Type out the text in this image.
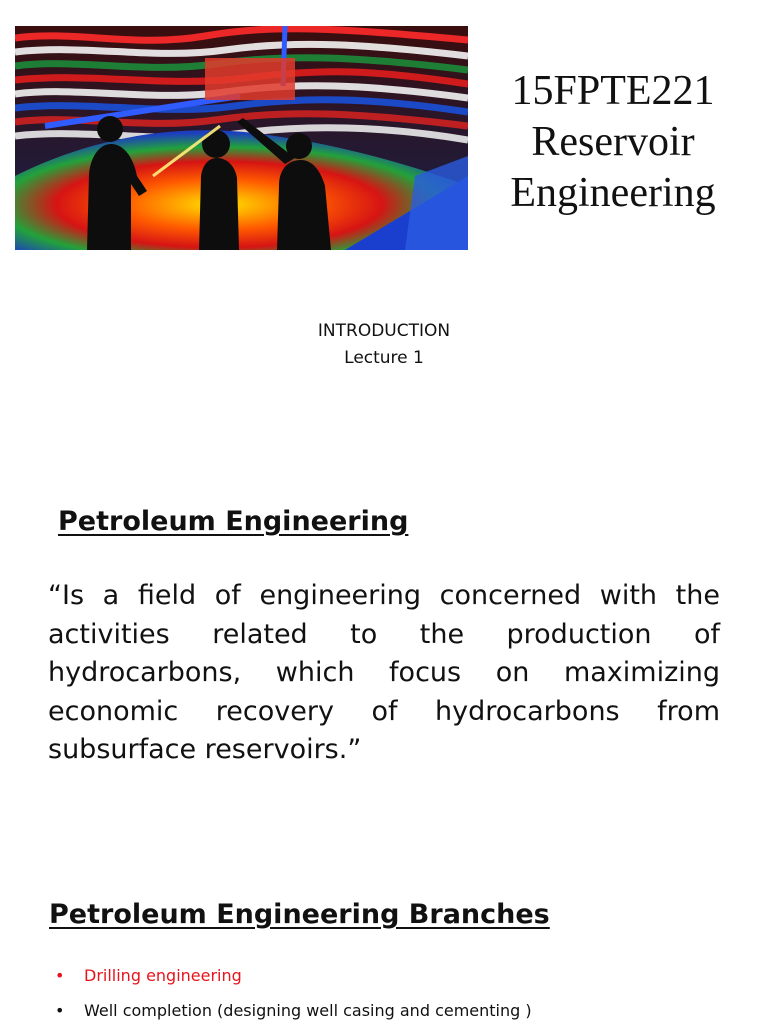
15FPTE221
Reservoir
Engineering
INTRODUCTION
Lecture 1
Petroleum Engineering

“Is a field of engineering concerned with the activities related to the production of hydrocarbons, which focus on maximizing economic recovery of hydrocarbons from subsurface reservoirs.”

Petroleum Engineering Branches
• Drilling engineering
• Well completion (designing well casing and cementing )
